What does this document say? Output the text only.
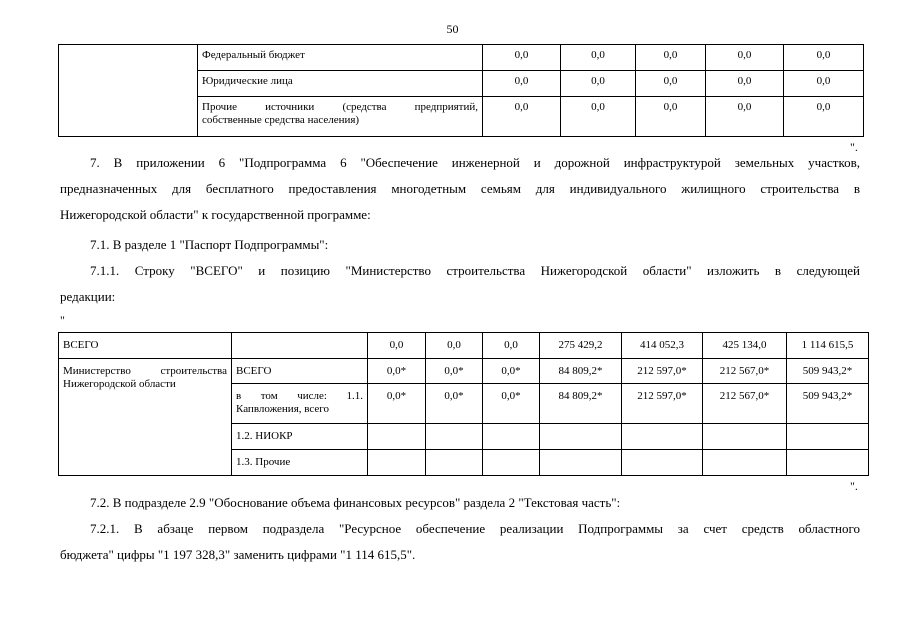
50
	Федеральный бюджет	0,0	0,0	0,0	0,0	0,0
	Юридические лица	0,0	0,0	0,0	0,0	0,0

	Прочие источники (средства предприятий,
собственные средства населения)	0,0	0,0	0,0	0,0	0,0
".
7. В приложении 6 "Подпрограмма 6 "Обеспечение инженерной и дорожной инфраструктурой земельных участков,
предназначенных для бесплатного предоставления многодетным семьям для индивидуального жилищного строительства в
Нижегородской области" к государственной программе:
7.1. В разделе 1 "Паспорт Подпрограммы":
7.1.1. Строку "ВСЕГО" и позицию "Министерство строительства Нижегородской области" изложить в следующей
редакции:
"
ВСЕГО		0,0	0,0	0,0	275 429,2	414 052,3	425 134,0	1 114 615,5

Министерство строительства
Нижегородской области	ВСЕГО	0,0*	0,0*	0,0*	84 809,2*	212 597,0*	212 567,0*	509 943,2*

	в том числе: 1.1.
Капвложения, всего	0,0*	0,0*	0,0*	84 809,2*	212 597,0*	212 567,0*	509 943,2*
	1.2. НИОКР							
	1.3. Прочие							
".
7.2. В подразделе 2.9 "Обоснование объема финансовых ресурсов" раздела 2 "Текстовая часть":
7.2.1. В абзаце первом подраздела "Ресурсное обеспечение реализации Подпрограммы за счет средств областного
бюджета" цифры "1 197 328,3" заменить цифрами "1 114 615,5".
